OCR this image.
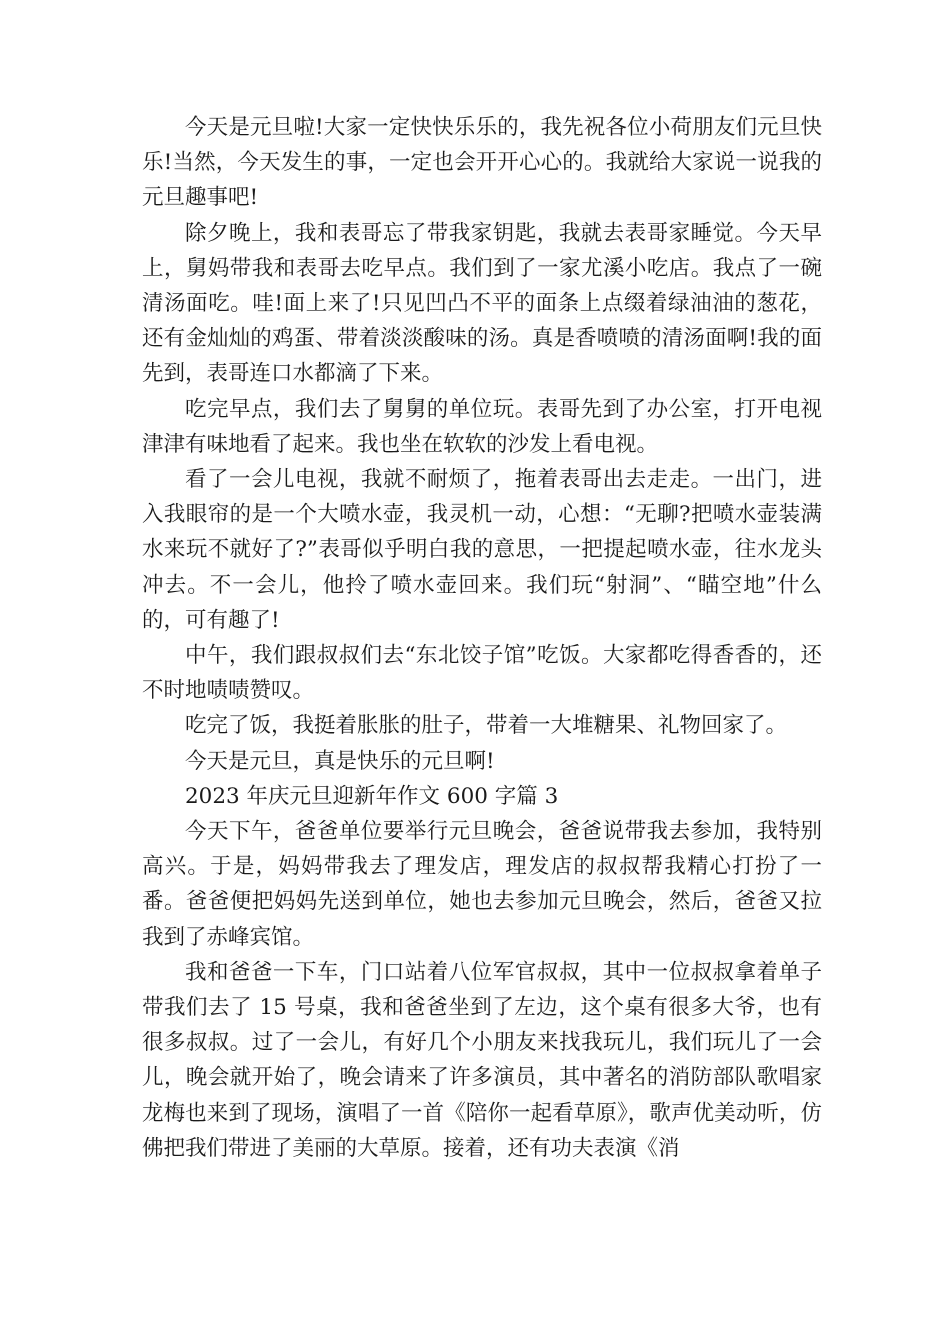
今天是元旦啦!大家一定快快乐乐的，我先祝各位小荷朋友们元旦快乐!当然，今天发生的事，一定也会开开心心的。我就给大家说一说我的元旦趣事吧!

除夕晚上，我和表哥忘了带我家钥匙，我就去表哥家睡觉。今天早上，舅妈带我和表哥去吃早点。我们到了一家尤溪小吃店。我点了一碗清汤面吃。哇!面上来了!只见凹凸不平的面条上点缀着绿油油的葱花，还有金灿灿的鸡蛋、带着淡淡酸味的汤。真是香喷喷的清汤面啊!我的面先到，表哥连口水都滴了下来。

吃完早点，我们去了舅舅的单位玩。表哥先到了办公室，打开电视津津有味地看了起来。我也坐在软软的沙发上看电视。

看了一会儿电视，我就不耐烦了，拖着表哥出去走走。一出门，进入我眼帘的是一个大喷水壶，我灵机一动，心想：“无聊?把喷水壶装满水来玩不就好了?”表哥似乎明白我的意思，一把提起喷水壶，往水龙头冲去。不一会儿，他拎了喷水壶回来。我们玩“射洞”、“瞄空地”什么的，可有趣了!

中午，我们跟叔叔们去“东北饺子馆”吃饭。大家都吃得香香的，还不时地啧啧赞叹。

吃完了饭，我挺着胀胀的肚子，带着一大堆糖果、礼物回家了。

今天是元旦，真是快乐的元旦啊!

2023 年庆元旦迎新年作文 600 字篇 3

今天下午，爸爸单位要举行元旦晚会，爸爸说带我去参加，我特别高兴。于是，妈妈带我去了理发店，理发店的叔叔帮我精心打扮了一番。爸爸便把妈妈先送到单位，她也去参加元旦晚会，然后，爸爸又拉我到了赤峰宾馆。

我和爸爸一下车，门口站着八位军官叔叔，其中一位叔叔拿着单子带我们去了 15 号桌，我和爸爸坐到了左边，这个桌有很多大爷，也有很多叔叔。过了一会儿，有好几个小朋友来找我玩儿，我们玩儿了一会儿，晚会就开始了，晚会请来了许多演员，其中著名的消防部队歌唱家龙梅也来到了现场，演唱了一首《陪你一起看草原》，歌声优美动听，仿佛把我们带进了美丽的大草原。接着，还有功夫表演《消
